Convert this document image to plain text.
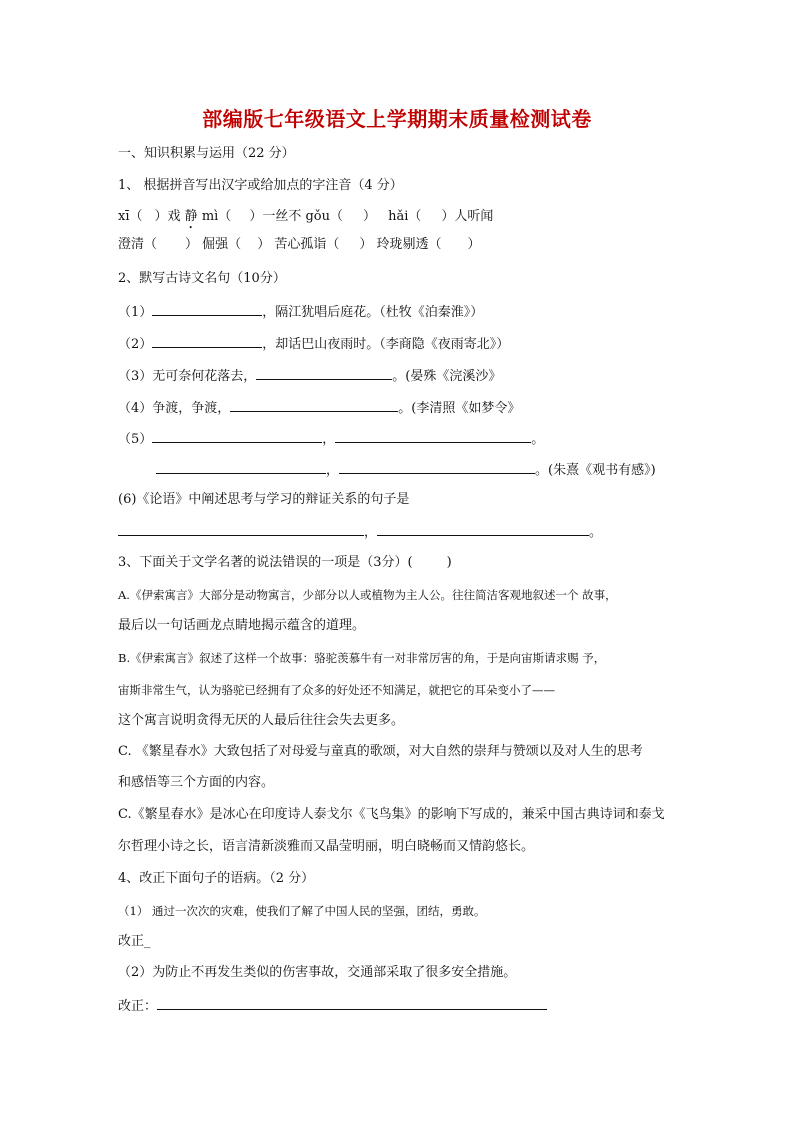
部编版七年级语文上学期期末质量检测试卷
一、知识积累与运用（22 分）
1、 根据拼音写出汉字或给加点的字注音（4 分）
xī（ ）戏 静 mì（ ）一丝不 gǒu（ ） hǎi（ ）人听闻
澄清（ ） 倔强（ ） 苦心孤诣（ ） 玲珑剔透（ ）
2、默写古诗文名句（10分）
（1）	，隔江犹唱后庭花。（杜牧《泊秦淮》）
（2）	，却话巴山夜雨时。（李商隐《夜雨寄北》）
（3）无可奈何花落去，	。(晏殊《浣溪沙》
（4）争渡，争渡，	。(李清照《如梦令》
（5）	，	。
，	。(朱熹《观书有感》)
(6)《论语》中阐述思考与学习的辩证关系的句子是
，	。
3、下面关于文学名著的说法错误的一项是（3分）(	)
A.《伊索寓言》大部分是动物寓言，少部分以人或植物为主人公。往往简洁客观地叙述一个 故事，
最后以一句话画龙点睛地揭示蕴含的道理。
B.《伊索寓言》叙述了这样一个故事：骆驼羡慕牛有一对非常厉害的角，于是向宙斯请求赐 予，
宙斯非常生气，认为骆驼已经拥有了众多的好处还不知满足，就把它的耳朵变小了——
这个寓言说明贪得无厌的人最后往往会失去更多。
C. 《繁星春水》大致包括了对母爱与童真的歌颂，对大自然的崇拜与赞颂以及对人生的思考
和感悟等三个方面的内容。
C.《繁星春水》是冰心在印度诗人泰戈尔《飞鸟集》的影响下写成的，兼采中国古典诗词和泰戈
尔哲理小诗之长，语言清新淡雅而又晶莹明丽，明白晓畅而又情韵悠长。
4、改正下面句子的语病。（2 分）
（1） 通过一次次的灾难，使我们了解了中国人民的坚强，团结，勇敢。
改正_
（2）为防止不再发生类似的伤害事故，交通部采取了很多安全措施。
改正：
